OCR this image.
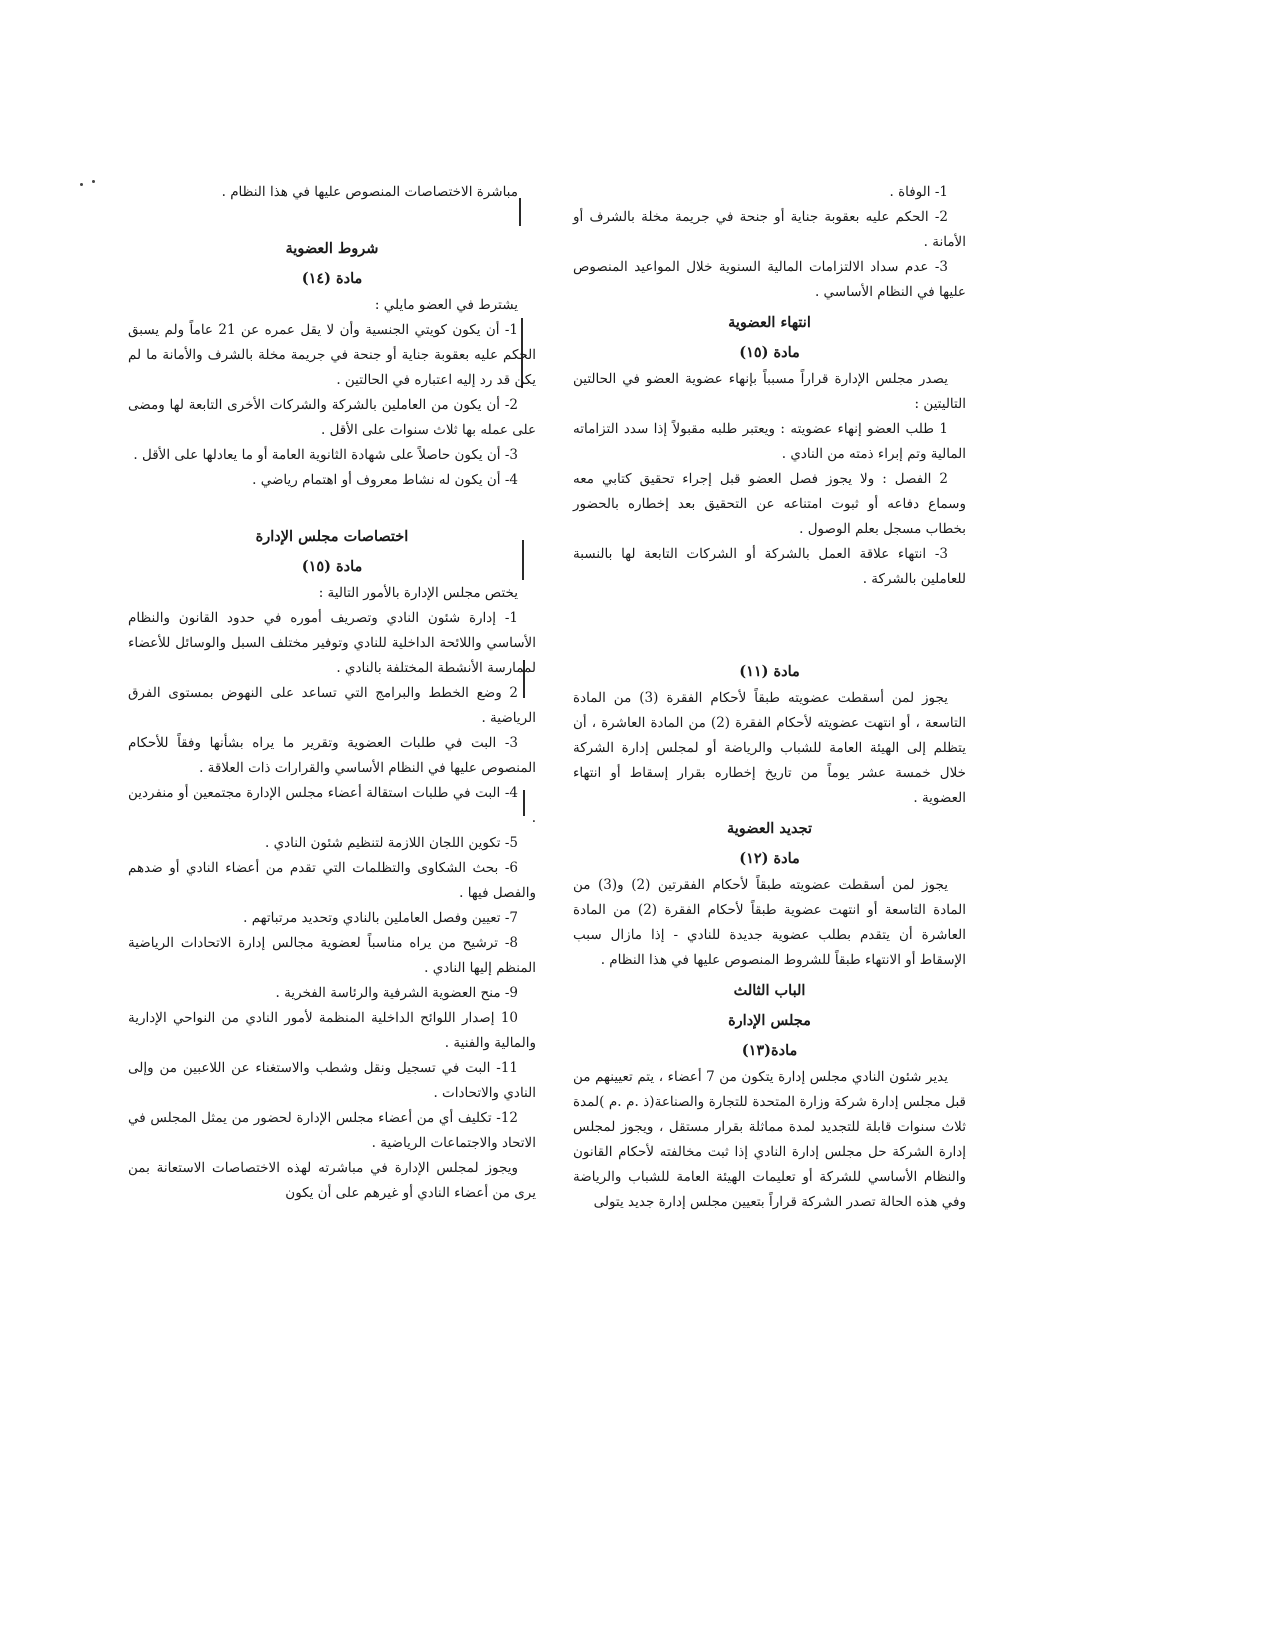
1- الوفاة .

2- الحكم عليه بعقوبة جناية أو جنحة في جريمة مخلة بالشرف أو الأمانة .

3- عدم سداد الالتزامات المالية السنوية خلال المواعيد المنصوص عليها في النظام الأساسي .

انتهاء العضوية
مادة (١٥)

يصدر مجلس الإدارة قراراً مسبباً بإنهاء عضوية العضو في الحالتين التاليتين :

1 طلب العضو إنهاء عضويته : ويعتبر طلبه مقبولاً إذا سدد التزاماته المالية وتم إبراء ذمته من النادي .

2 الفصل : ولا يجوز فصل العضو قبل إجراء تحقيق كتابي معه وسماع دفاعه أو ثبوت امتناعه عن التحقيق بعد إخطاره بالحضور بخطاب مسجل بعلم الوصول .

3- انتهاء علاقة العمل بالشركة أو الشركات التابعة لها بالنسبة للعاملين بالشركة .

مادة (١١)

يجوز لمن أسقطت عضويته طبقاً لأحكام الفقرة (3) من المادة التاسعة ، أو انتهت عضويته لأحكام الفقرة (2) من المادة العاشرة ، أن يتظلم إلى الهيئة العامة للشباب والرياضة أو لمجلس إدارة الشركة خلال خمسة عشر يوماً من تاريخ إخطاره بقرار إسقاط أو انتهاء العضوية .

تجديد العضوية
مادة (١٢)

يجوز لمن أسقطت عضويته طبقاً لأحكام الفقرتين (2) و(3) من المادة التاسعة أو انتهت عضوية طبقاً لأحكام الفقرة (2) من المادة العاشرة أن يتقدم بطلب عضوية جديدة للنادي - إذا مازال سبب الإسقاط أو الانتهاء طبقاً للشروط المنصوص عليها في هذا النظام .

الباب الثالث
مجلس الإدارة
مادة(١٣)

يدير شئون النادي مجلس إدارة يتكون من 7 أعضاء ، يتم تعيينهم من قبل مجلس إدارة شركة وزارة المتحدة للتجارة والصناعة(ذ .م .م )لمدة ثلاث سنوات قابلة للتجديد لمدة مماثلة بقرار مستقل ، ويجوز لمجلس إدارة الشركة حل مجلس إدارة النادي إذا ثبت مخالفته لأحكام القانون والنظام الأساسي للشركة أو تعليمات الهيئة العامة للشباب والرياضة وفي هذه الحالة تصدر الشركة قراراً بتعيين مجلس إدارة جديد يتولى

مباشرة الاختصاصات المنصوص عليها في هذا النظام .

شروط العضوية
مادة (١٤)

يشترط في العضو مايلي :

1- أن يكون كويتي الجنسية وأن لا يقل عمره عن 21 عاماً ولم يسبق الحكم عليه بعقوبة جناية أو جنحة في جريمة مخلة بالشرف والأمانة ما لم يكن قد رد إليه اعتباره في الحالتين .

2- أن يكون من العاملين بالشركة والشركات الأخرى التابعة لها ومضى على عمله بها ثلاث سنوات على الأقل .

3- أن يكون حاصلاً على شهادة الثانوية العامة أو ما يعادلها على الأقل .

4- أن يكون له نشاط معروف أو اهتمام رياضي .

اختصاصات مجلس الإدارة
مادة (١٥)

يختص مجلس الإدارة بالأمور التالية :

1- إدارة شئون النادي وتصريف أموره في حدود القانون والنظام الأساسي واللائحة الداخلية للنادي وتوفير مختلف السبل والوسائل للأعضاء لممارسة الأنشطة المختلفة بالنادي .

2 وضع الخطط والبرامج التي تساعد على النهوض بمستوى الفرق الرياضية .

3- البت في طلبات العضوية وتقرير ما يراه بشأنها وفقاً للأحكام المنصوص عليها في النظام الأساسي والقرارات ذات العلاقة .

4- البت في طلبات استقالة أعضاء مجلس الإدارة مجتمعين أو منفردين .

5- تكوين اللجان اللازمة لتنظيم شئون النادي .

6- بحث الشكاوى والتظلمات التي تقدم من أعضاء النادي أو ضدهم والفصل فيها .

7- تعيين وفصل العاملين بالنادي وتحديد مرتباتهم .

8- ترشيح من يراه مناسباً لعضوية مجالس إدارة الاتحادات الرياضية المنظم إليها النادي .

9- منح العضوية الشرفية والرئاسة الفخرية .

10 إصدار اللوائح الداخلية المنظمة لأمور النادي من النواحي الإدارية والمالية والفنية .

11- البت في تسجيل ونقل وشطب والاستغناء عن اللاعبين من وإلى النادي والاتحادات .

12- تكليف أي من أعضاء مجلس الإدارة لحضور من يمثل المجلس في الاتحاد والاجتماعات الرياضية .

ويجوز لمجلس الإدارة في مباشرته لهذه الاختصاصات الاستعانة بمن يرى من أعضاء النادي أو غيرهم على أن يكون
